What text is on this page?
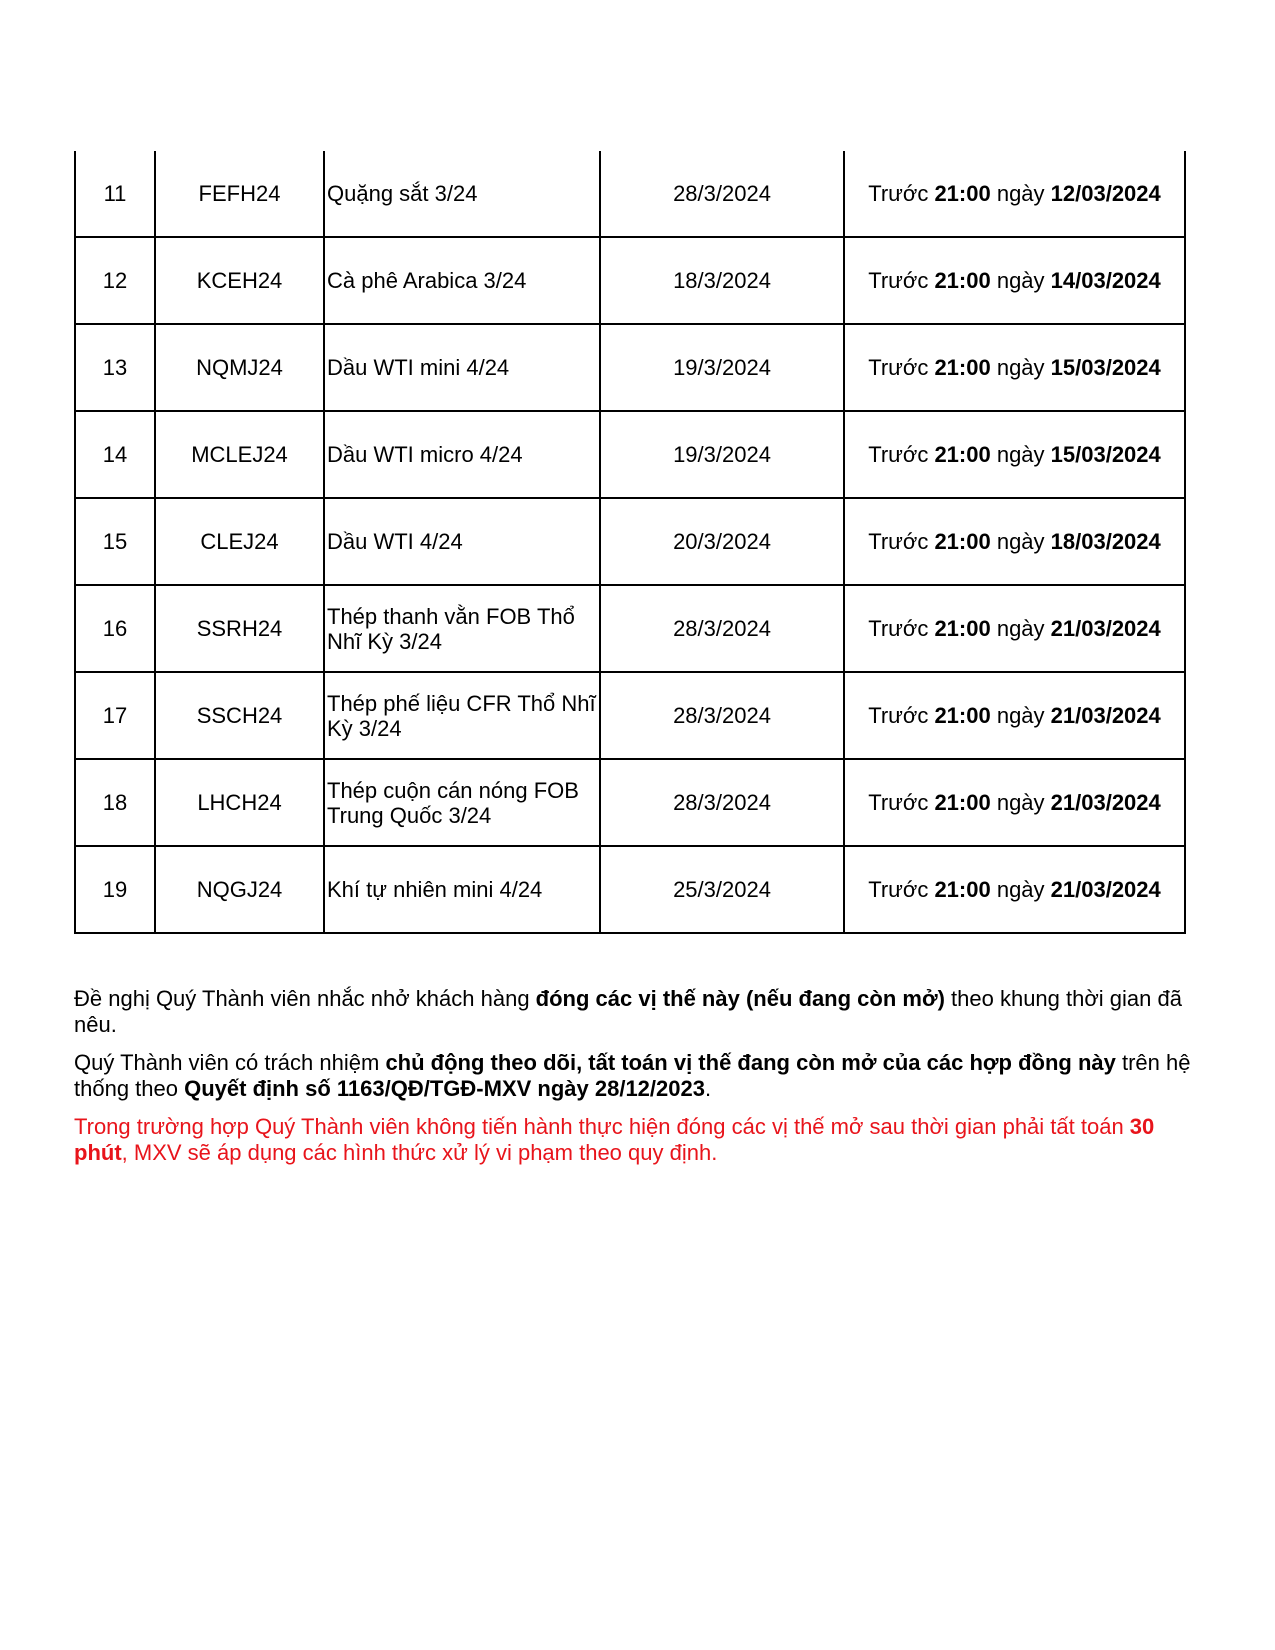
11	FEFH24	Quặng sắt 3/24	28/3/2024	Trước 21:00 ngày 12/03/2024
12	KCEH24	Cà phê Arabica 3/24	18/3/2024	Trước 21:00 ngày 14/03/2024
13	NQMJ24	Dầu WTI mini 4/24	19/3/2024	Trước 21:00 ngày 15/03/2024
14	MCLEJ24	Dầu WTI micro 4/24	19/3/2024	Trước 21:00 ngày 15/03/2024
15	CLEJ24	Dầu WTI 4/24	20/3/2024	Trước 21:00 ngày 18/03/2024
16	SSRH24	Thép thanh vằn FOB Thổ Nhĩ Kỳ 3/24	28/3/2024	Trước 21:00 ngày 21/03/2024
17	SSCH24	Thép phế liệu CFR Thổ Nhĩ Kỳ 3/24	28/3/2024	Trước 21:00 ngày 21/03/2024
18	LHCH24	Thép cuộn cán nóng FOB Trung Quốc 3/24	28/3/2024	Trước 21:00 ngày 21/03/2024
19	NQGJ24	Khí tự nhiên mini 4/24	25/3/2024	Trước 21:00 ngày 21/03/2024

Đề nghị Quý Thành viên nhắc nhở khách hàng đóng các vị thế này (nếu đang còn mở) theo khung thời gian đã nêu.

Quý Thành viên có trách nhiệm chủ động theo dõi, tất toán vị thế đang còn mở của các hợp đồng này trên hệ thống theo Quyết định số 1163/QĐ/TGĐ-MXV ngày 28/12/2023.

Trong trường hợp Quý Thành viên không tiến hành thực hiện đóng các vị thế mở sau thời gian phải tất toán 30 phút, MXV sẽ áp dụng các hình thức xử lý vi phạm theo quy định.
